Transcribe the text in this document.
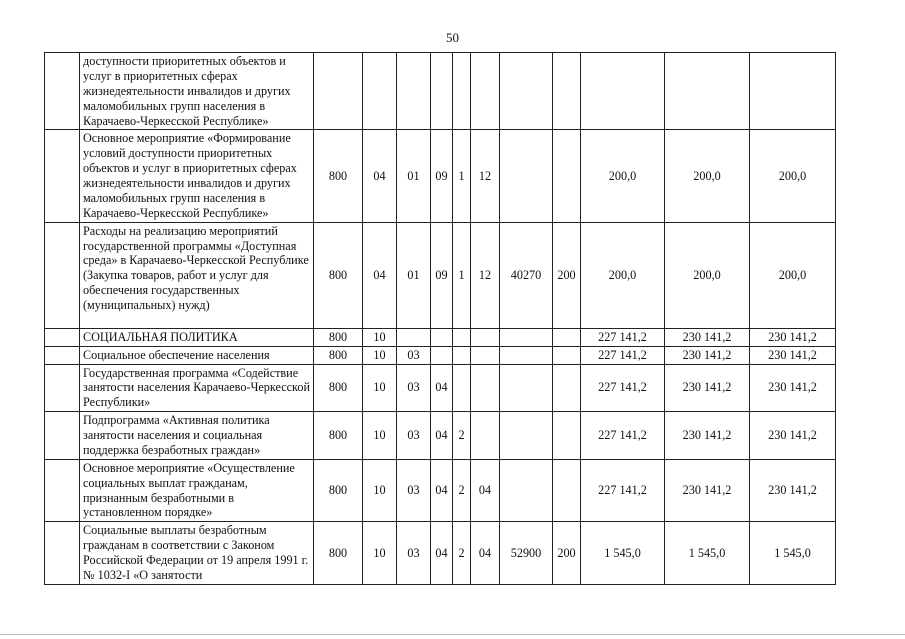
50
	доступности приоритетных объектов и услуг в приоритетных сферах жизнедеятельности инвалидов и других маломобильных групп населения в Карачаево-Черкесской Республике»											
	Основное мероприятие «Формирование условий доступности приоритетных объектов и услуг в приоритетных сферах жизнедеятельности инвалидов и других маломобильных групп населения в Карачаево-Черкесской Республике»	800	04	01	09	1	12			200,0	200,0	200,0
	Расходы на реализацию мероприятий государственной программы «Доступная среда» в Карачаево-Черкесской Республике (Закупка товаров, работ и услуг для обеспечения государственных (муниципальных) нужд)	800	04	01	09	1	12	40270	200	200,0	200,0	200,0
	СОЦИАЛЬНАЯ ПОЛИТИКА	800	10							227 141,2	230 141,2	230 141,2
	Социальное обеспечение населения	800	10	03						227 141,2	230 141,2	230 141,2
	Государственная программа «Содействие занятости населения Карачаево-Черкесской Республики»	800	10	03	04					227 141,2	230 141,2	230 141,2
	Подпрограмма «Активная политика занятости населения и социальная поддержка безработных граждан»	800	10	03	04	2				227 141,2	230 141,2	230 141,2
	Основное мероприятие «Осуществление социальных выплат гражданам, признанным безработными в установленном порядке»	800	10	03	04	2	04			227 141,2	230 141,2	230 141,2
	Социальные выплаты безработным гражданам в соответствии с Законом Российской Федерации от 19 апреля 1991 г. № 1032-I «О занятости	800	10	03	04	2	04	52900	200	1 545,0	1 545,0	1 545,0
